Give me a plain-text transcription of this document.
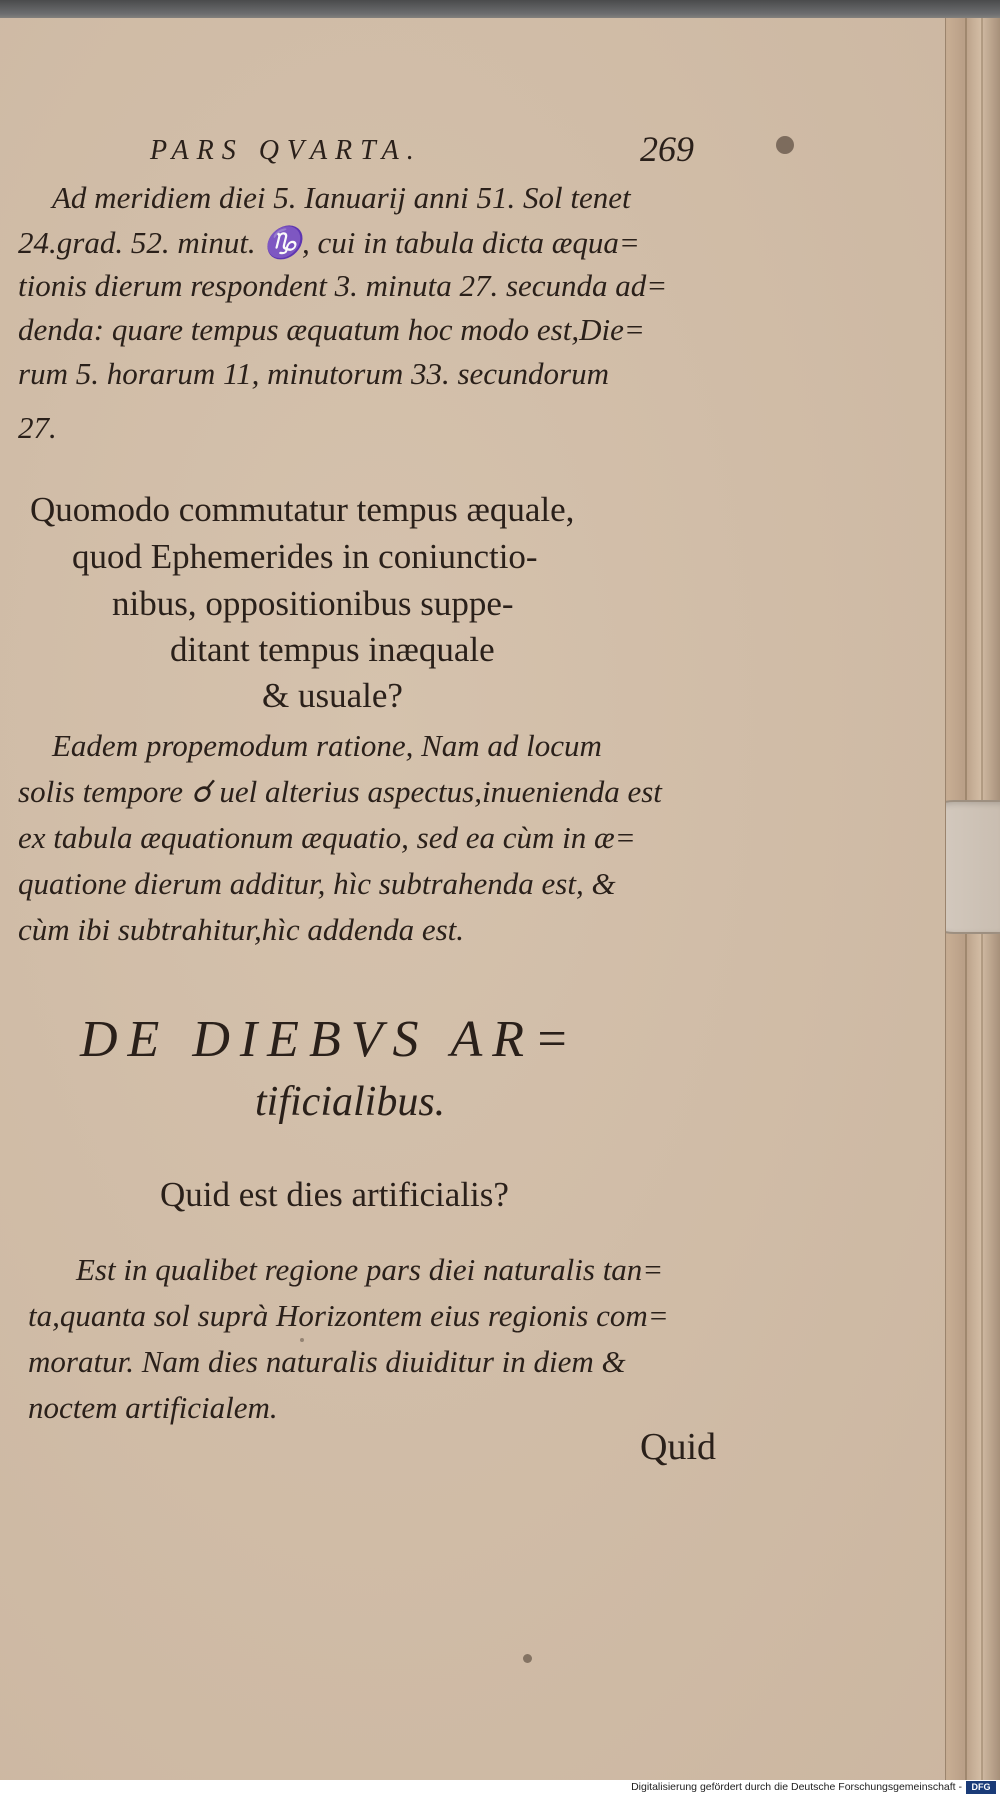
PARS QVARTA.	269
Ad meridiem diei 5. Ianuarij anni 51. Sol tenet
24.grad. 52. minut. ♑, cui in tabula dicta æqua=
tionis dierum respondent 3. minuta 27. secunda ad=
denda: quare tempus æquatum hoc modo est,Die=
rum 5. horarum 11, minutorum 33. secundorum
27.
Quomodo commutatur tempus æquale,
quod Ephemerides in coniunctio-
nibus, oppositionibus suppe-
ditant tempus inæquale
& usuale?
Eadem propemodum ratione, Nam ad locum
solis tempore ☌ uel alterius aspectus,inuenienda est
ex tabula æquationum æquatio, sed ea cùm in æ=
quatione dierum additur, hìc subtrahenda est, &
cùm ibi subtrahitur,hìc addenda est.
DE DIEBVS AR=
tificialibus.
Quid est dies artificialis?
Est in qualibet regione pars diei naturalis tan=
ta,quanta sol suprà Horizontem eius regionis com=
moratur. Nam dies naturalis diuiditur in diem &
noctem artificialem.
Quid
Digitalisierung gefördert durch die Deutsche Forschungsgemeinschaft -	DFG
